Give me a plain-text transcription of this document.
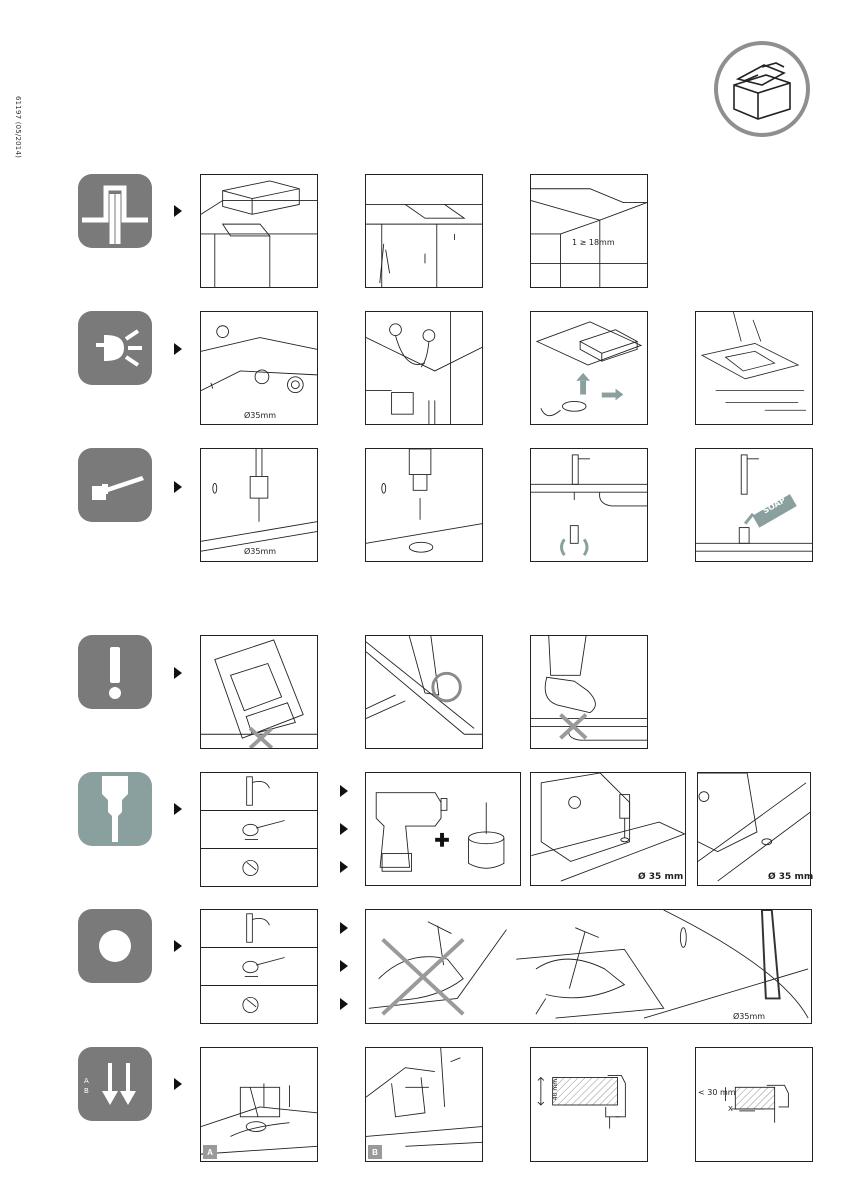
61197 (05/2014)
1 ≥ 18mm
Ø35mm
Ø35mm
SOAP
Ø 35 mm	Ø 35 mm
Ø35mm
A
B
A	B
40 mm	< 30 mm
X
